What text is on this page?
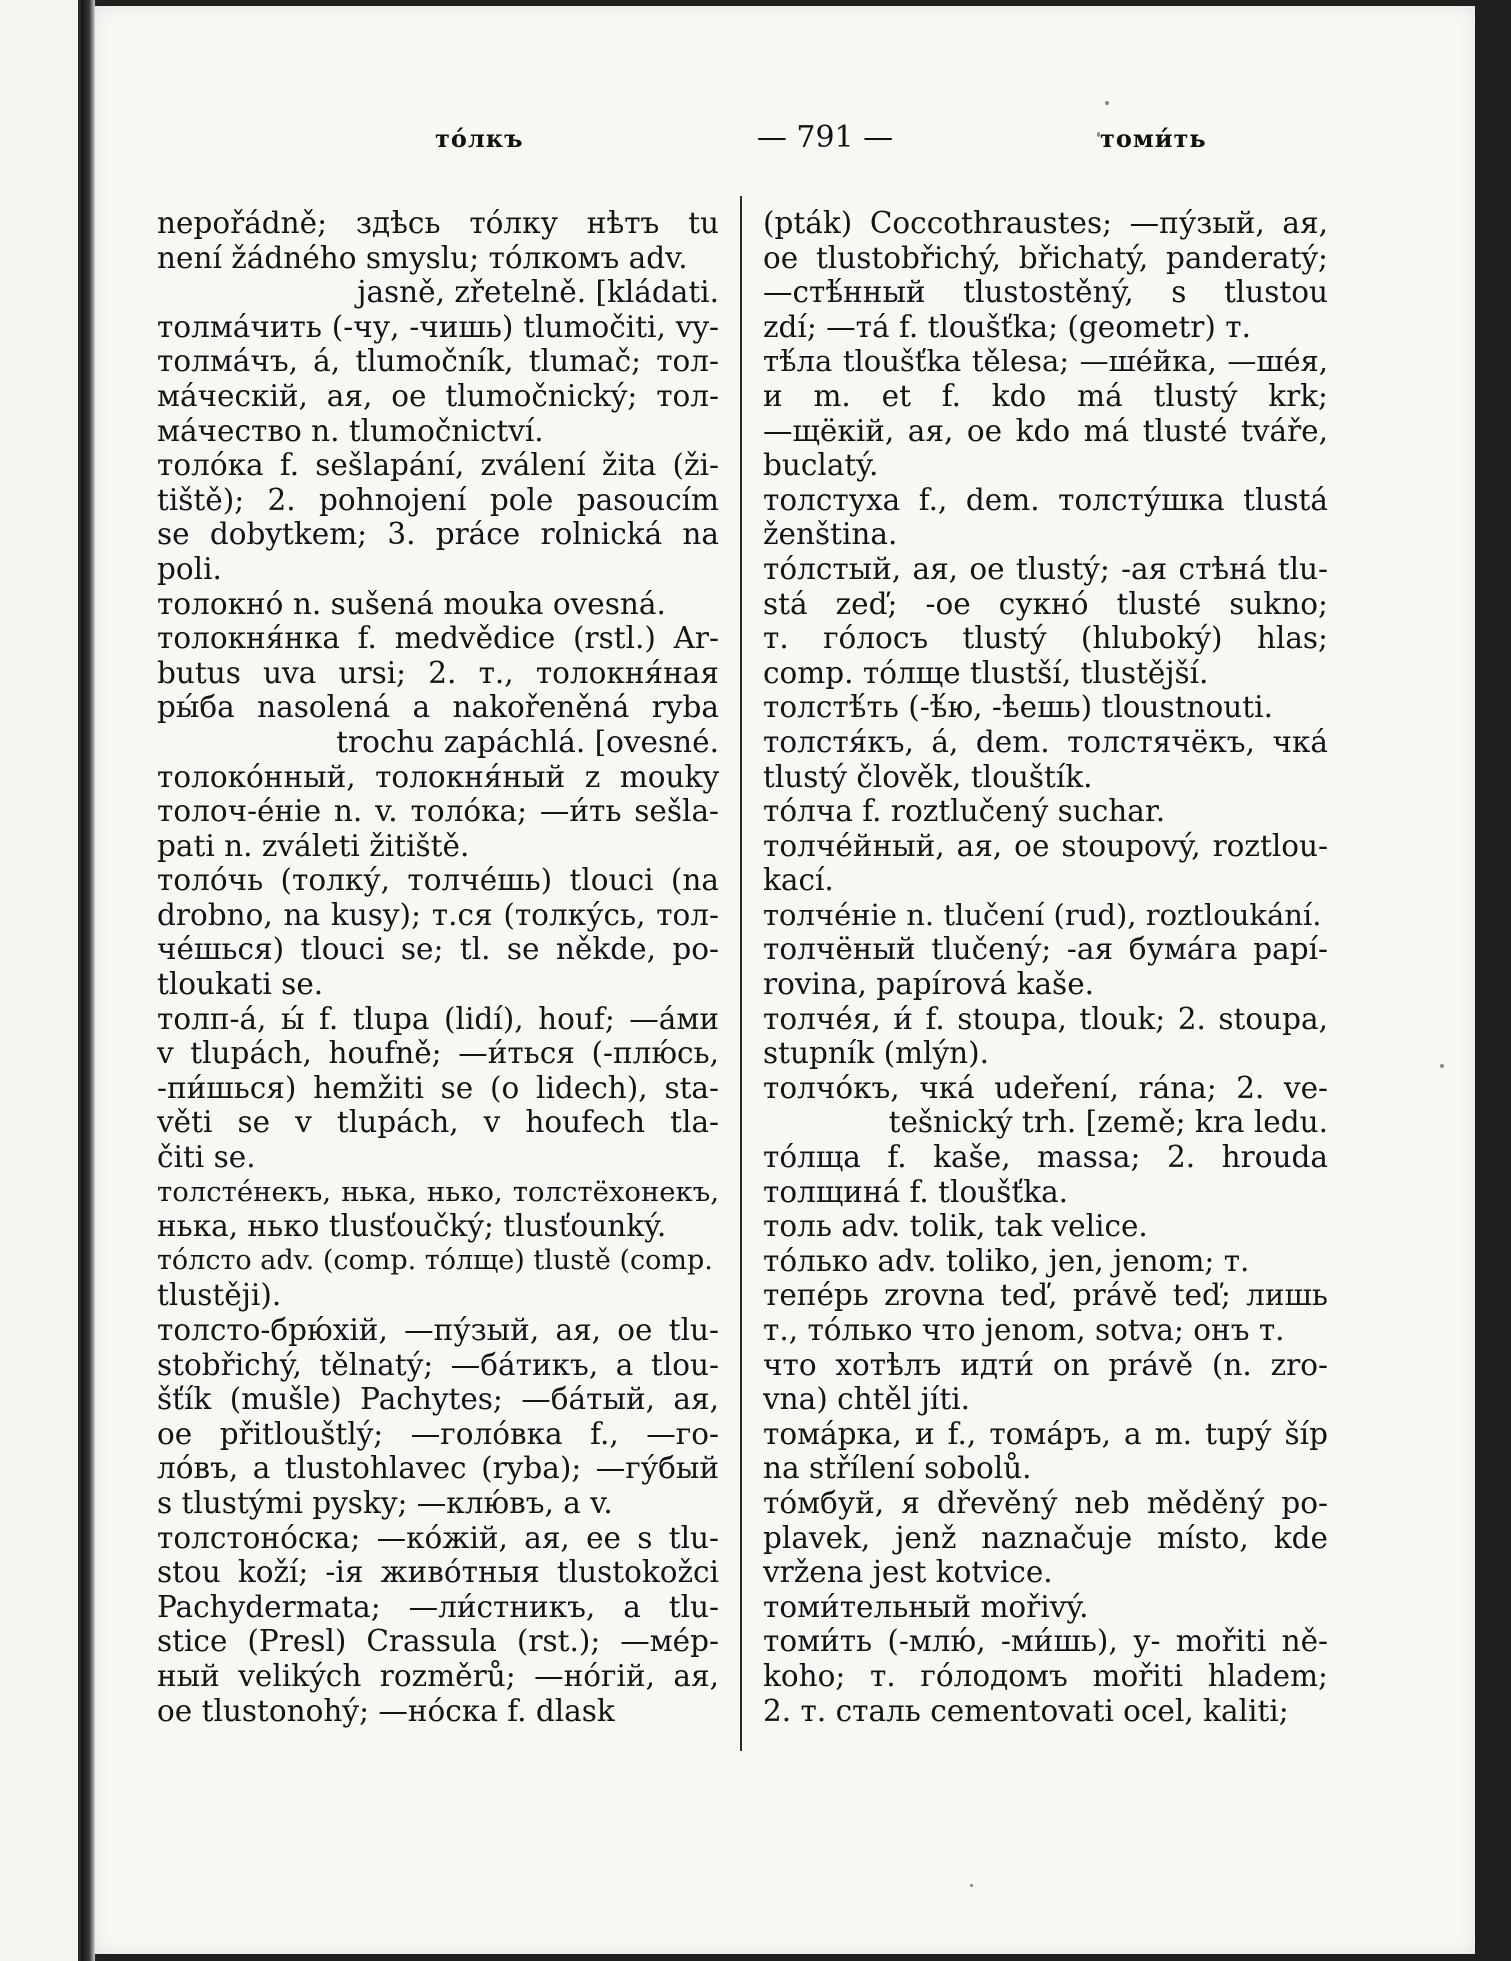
то́лкъ	— 791 —	томи́ть
nepořádně; здѣсь то́лку нѣтъ tu
není žádného smyslu; то́лкомъ adv.
jasně, zřetelně. [kládati.
толма́чить (-чу, -чишь) tlumočiti, vy-
толма́чъ, á, tlumočník, tlumač; тол-
ма́ческій, ая, ое tlumočnický; тол-
ма́чество n. tlumočnictví.
толо́ка f. sešlapání, zválení žita (ži-
tiště); 2. pohnojení pole pasoucím
se dobytkem; 3. práce rolnická na
poli.
толокно́ n. sušená mouka ovesná.
толокня́нка f. medvědice (rstl.) Ar-
butus uva ursi; 2. т., толокня́ная
ры́ба nasolená a nakořeněná ryba
trochu zapáchlá. [ovesné.
толоко́нный, толокня́ный z mouky
толоч-е́ніе n. v. толо́ка; —и́ть sešla-
pati n. zváleti žitiště.
толо́чь (толку́, толче́шь) tlouci (na
drobno, na kusy); т.ся (толку́сь, тол-
че́шься) tlouci se; tl. se někde, po-
tloukati se.
толп-а́, ы́ f. tlupa (lidí), houf; —а́ми
v tlupách, houfně; —и́ться (-плю́сь,
-пи́шься) hemžiti se (o lidech), sta-
věti se v tlupách, v houfech tla-
čiti se.
толсте́некъ, нька, нько, толстёхонекъ,
нька, нько tlusťoučký; tlusťounký.
то́лсто adv. (comp. то́лще) tlustě (comp.
tlustěji).
толсто-брю́хій, —пу́зый, ая, ое tlu-
stobřichý, tělnatý; —ба́тикъ, a tlou-
šťík (mušle) Pachytes; —ба́тый, ая,
ое přitlouštlý; —голо́вка f., —го-
ло́въ, a tlustohlavec (ryba); —гу́бый
s tlustými pysky; —клю́въ, a v.
толстоно́ска; —ко́жій, ая, ее s tlu-
stou koží; -ія живо́тныя tlustokožci
Pachydermata; —ли́стникъ, a tlu-
stice (Presl) Crassula (rst.); —ме́р-
ный velikých rozměrů; —но́гій, ая,
ое tlustonohý; —но́ска f. dlask
(pták) Coccothraustes; —пу́зый, ая,
ое tlustobřichý, břichatý, panderatý;
—стѣ́нный tlustostěný, s tlustou
zdí; —та́ f. tloušťka; (geometr) т.
тѣ́ла tloušťka tělesa; —ше́йка, —ше́я,
и m. et f. kdo má tlustý krk;
—щёкій, ая, ое kdo má tlusté tváře,
buclatý.
толстуха f., dem. толсту́шка tlustá
ženština.
то́лстый, ая, ое tlustý; -ая стѣна́ tlu-
stá zeď; -ое сукно́ tlusté sukno;
т. го́лосъ tlustý (hluboký) hlas;
comp. то́лще tlustší, tlustější.
толстѣ́ть (-ѣ́ю, -ѣешь) tloustnouti.
толстя́къ, á, dem. толстячёкъ, чка́
tlustý člověk, tlouštík.
то́лча f. roztlučený suchar.
толче́йный, ая, ое stoupový, roztlou-
kací.
толче́ніе n. tlučení (rud), roztloukání.
толчёный tlučený; -ая бума́га papí-
rovina, papírová kaše.
толче́я, и́ f. stoupa, tlouk; 2. stoupa,
stupník (mlýn).
толчо́къ, чка́ udeření, rána; 2. ve-
tešnický trh. [země; kra ledu.
то́лща f. kaše, massa; 2. hrouda
толщина́ f. tloušťka.
толь adv. tolik, tak velice.
то́лько adv. toliko, jen, jenom; т.
тепе́рь zrovna teď, právě teď; лишь
т., то́лько что jenom, sotva; онъ т.
что хотѣлъ идти́ on právě (n. zro-
vna) chtěl jíti.
тома́рка, и f., тома́ръ, а m. tupý šíp
na střílení sobolů.
то́мбуй, я dřevěný neb měděný po-
plavek, jenž naznačuje místo, kde
vržena jest kotvice.
томи́тельный mořivý.
томи́ть (-млю́, -ми́шь), у- mořiti ně-
koho; т. го́лодомъ mořiti hladem;
2. т. сталь cementovati ocel, kaliti;
